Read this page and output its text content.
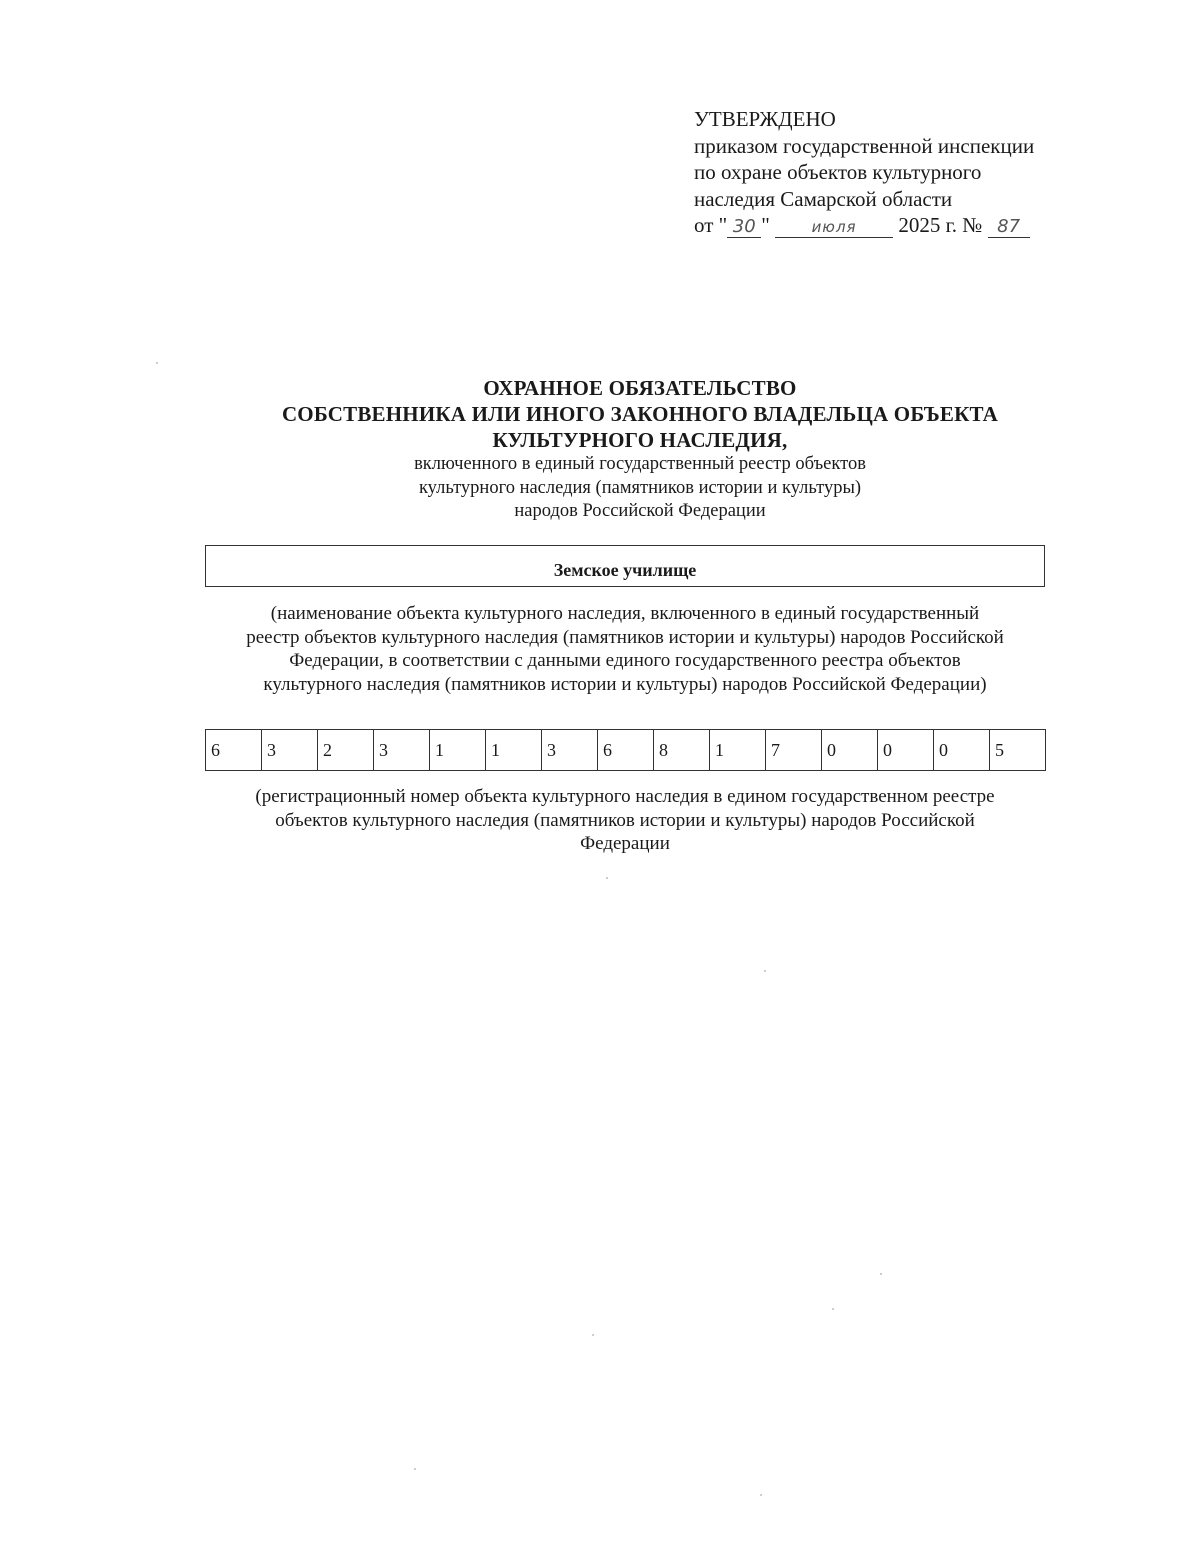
УТВЕРЖДЕНО
приказом государственной инспекции
по охране объектов культурного
наследия Самарской области
от " 30 "	июля 2025 г. № 87
ОХРАННОЕ ОБЯЗАТЕЛЬСТВО
СОБСТВЕННИКА ИЛИ ИНОГО ЗАКОННОГО ВЛАДЕЛЬЦА ОБЪЕКТА
КУЛЬТУРНОГО НАСЛЕДИЯ,
включенного в единый государственный реестр объектов
культурного наследия (памятников истории и культуры)
народов Российской Федерации
Земское училище
(наименование объекта культурного наследия, включенного в единый государственный
реестр объектов культурного наследия (памятников истории и культуры) народов Российской
Федерации, в соответствии с данными единого государственного реестра объектов
культурного наследия (памятников истории и культуры) народов Российской Федерации)
6	3	2	3	1	1	3	6	8	1	7	0	0	0	5
(регистрационный номер объекта культурного наследия в едином государственном реестре
объектов культурного наследия (памятников истории и культуры) народов Российской
Федерации
